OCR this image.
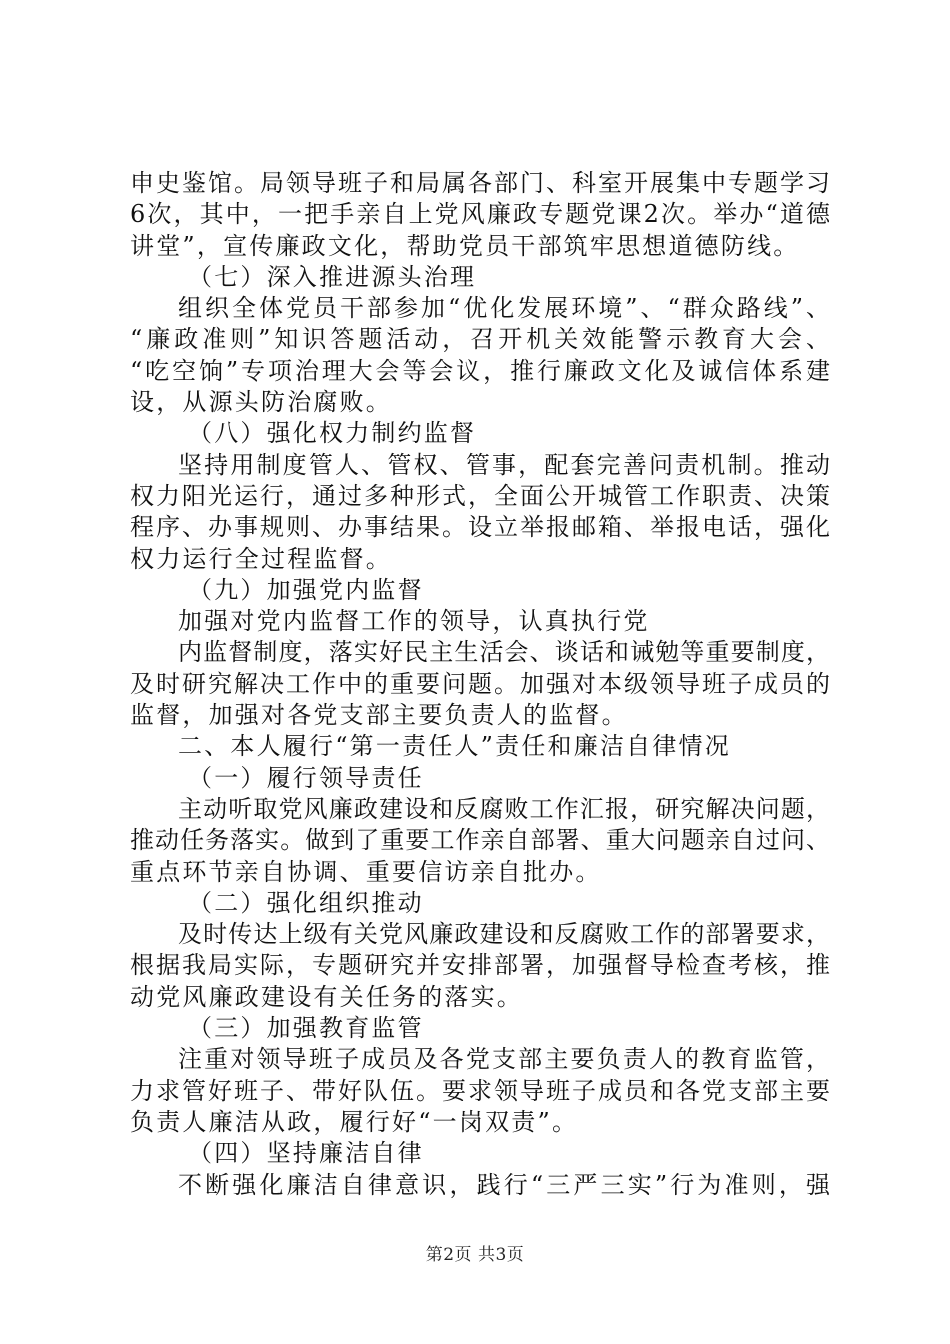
申史鉴馆。局领导班子和局属各部门、科室开展集中专题学习
6次，其中，一把手亲自上党风廉政专题党课2次。举办“道德
讲堂”，宣传廉政文化，帮助党员干部筑牢思想道德防线。
（七）深入推进源头治理
组织全体党员干部参加“优化发展环境”、“群众路线”、
“廉政准则”知识答题活动，召开机关效能警示教育大会、
“吃空饷”专项治理大会等会议，推行廉政文化及诚信体系建
设，从源头防治腐败。
（八）强化权力制约监督
坚持用制度管人、管权、管事，配套完善问责机制。推动
权力阳光运行，通过多种形式，全面公开城管工作职责、决策
程序、办事规则、办事结果。设立举报邮箱、举报电话，强化
权力运行全过程监督。
（九）加强党内监督
加强对党内监督工作的领导，认真执行党
内监督制度，落实好民主生活会、谈话和诫勉等重要制度，
及时研究解决工作中的重要问题。加强对本级领导班子成员的
监督，加强对各党支部主要负责人的监督。
二、本人履行“第一责任人”责任和廉洁自律情况
（一）履行领导责任
主动听取党风廉政建设和反腐败工作汇报，研究解决问题，
推动任务落实。做到了重要工作亲自部署、重大问题亲自过问、
重点环节亲自协调、重要信访亲自批办。
（二）强化组织推动
及时传达上级有关党风廉政建设和反腐败工作的部署要求，
根据我局实际，专题研究并安排部署，加强督导检查考核，推
动党风廉政建设有关任务的落实。
（三）加强教育监管
注重对领导班子成员及各党支部主要负责人的教育监管，
力求管好班子、带好队伍。要求领导班子成员和各党支部主要
负责人廉洁从政，履行好“一岗双责”。
（四）坚持廉洁自律
不断强化廉洁自律意识，践行“三严三实”行为准则，强
第2页 共3页
